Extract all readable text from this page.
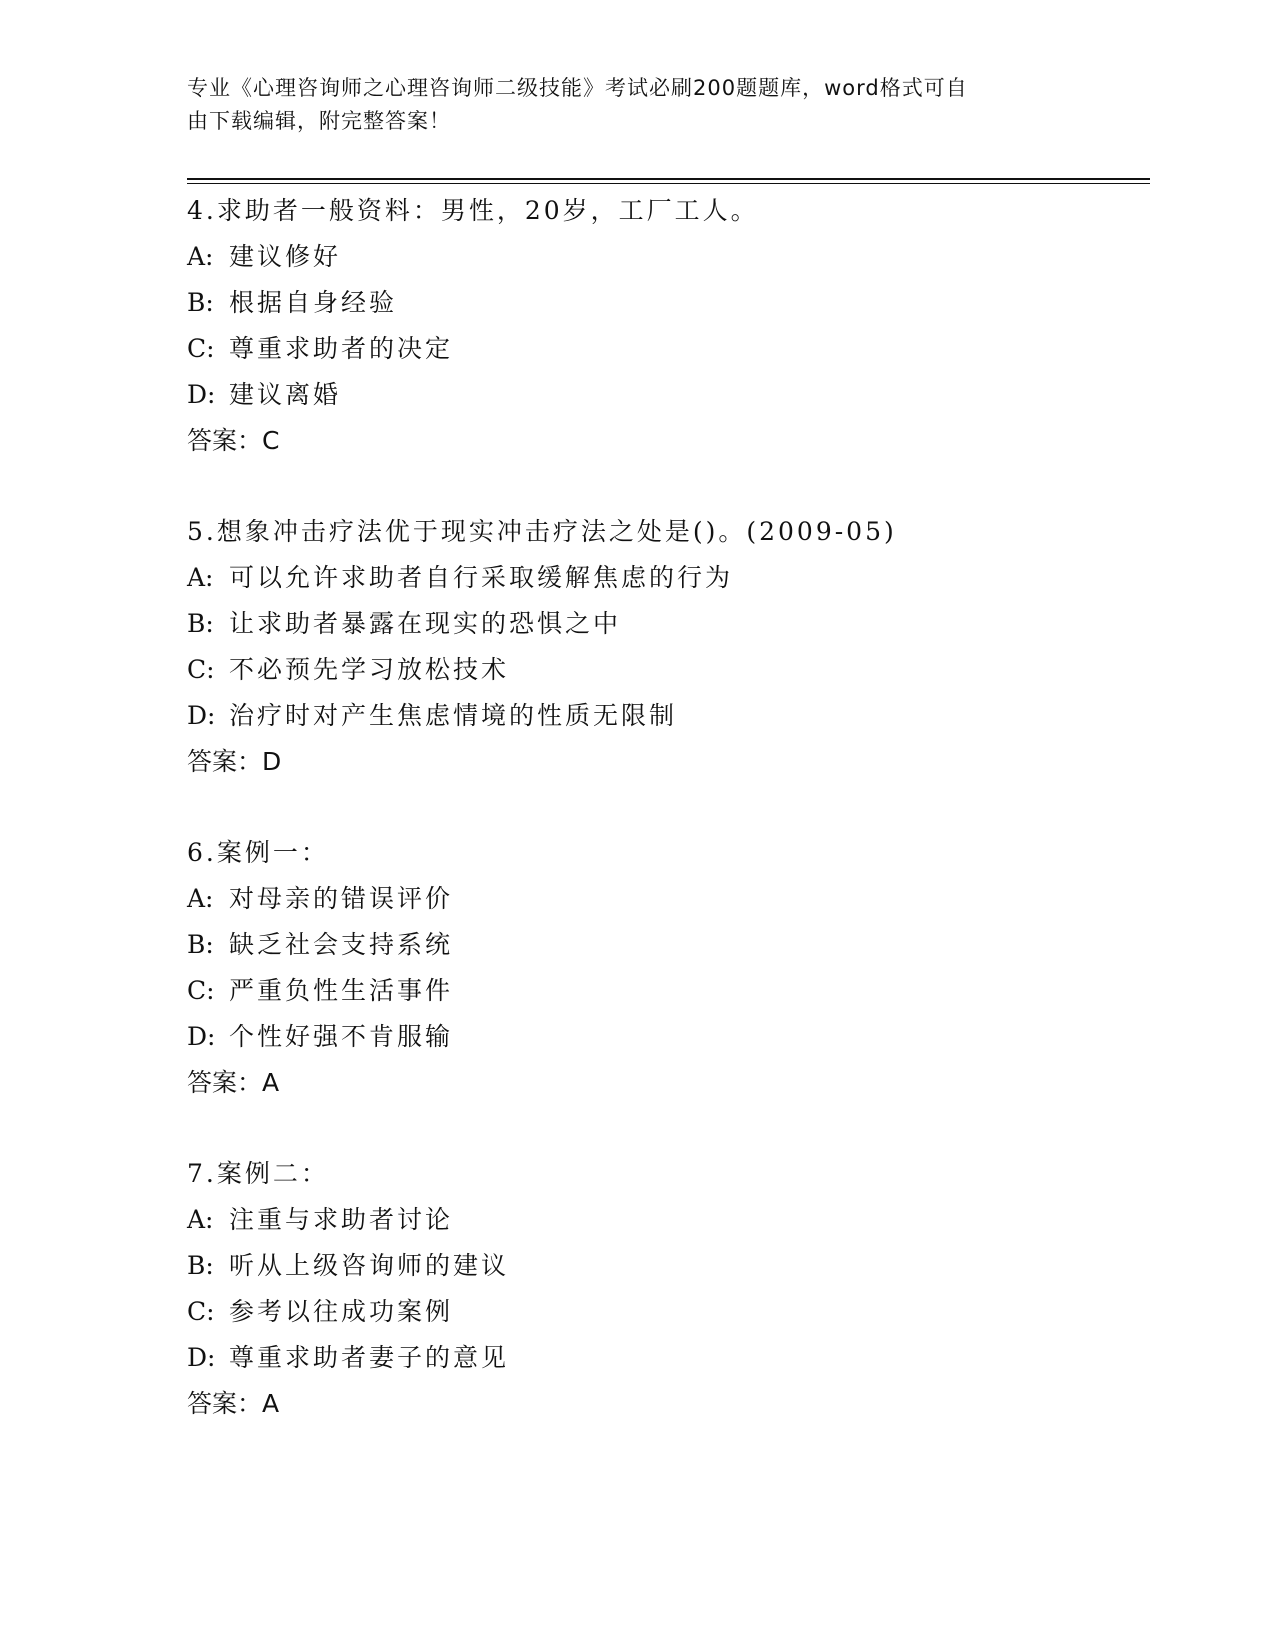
专业《心理咨询师之心理咨询师二级技能》考试必刷200题题库，word格式可自
由下载编辑，附完整答案！
4.求助者一般资料：男性，20岁，工厂工人。
A: 建议修好
B: 根据自身经验
C: 尊重求助者的决定
D: 建议离婚
答案：C
5.想象冲击疗法优于现实冲击疗法之处是()。(2009-05)
A: 可以允许求助者自行采取缓解焦虑的行为
B: 让求助者暴露在现实的恐惧之中
C: 不必预先学习放松技术
D: 治疗时对产生焦虑情境的性质无限制
答案：D
6.案例一：
A: 对母亲的错误评价
B: 缺乏社会支持系统
C: 严重负性生活事件
D: 个性好强不肯服输
答案：A
7.案例二：
A: 注重与求助者讨论
B: 听从上级咨询师的建议
C: 参考以往成功案例
D: 尊重求助者妻子的意见
答案：A
